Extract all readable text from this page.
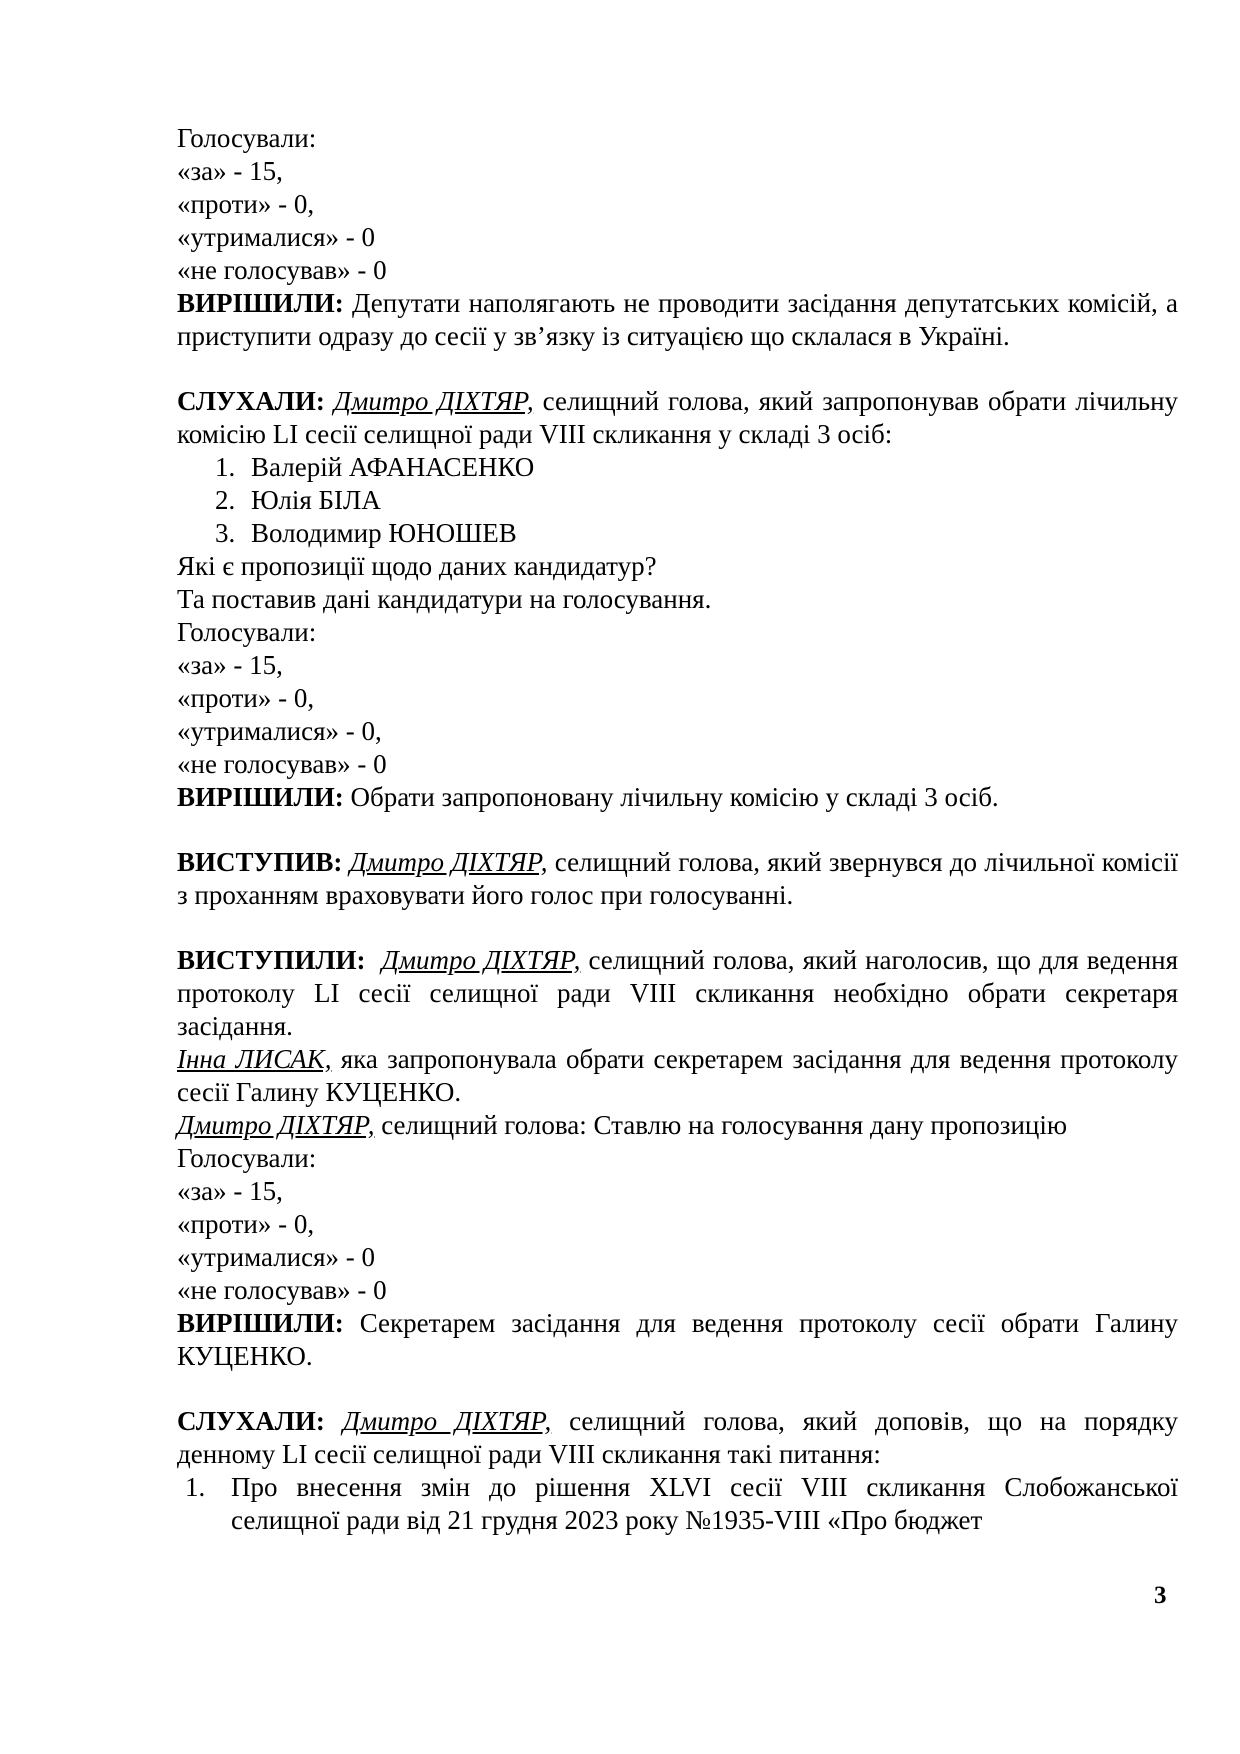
Голосували:
«за» - 15,
«проти» - 0,
«утрималися» - 0
«не голосував» - 0
ВИРІШИЛИ: Депутати наполягають не проводити засідання депутатських комісій, а приступити одразу до сесії у зв’язку із ситуацією що склалася в Україні.
СЛУХАЛИ: Дмитро ДІХТЯР, селищний голова, який запропонував обрати лічильну комісію LI сесії селищної ради VIII скликання у складі 3 осіб:
1. Валерій АФАНАСЕНКО
2. Юлія БІЛА
3. Володимир ЮНОШЕВ
Які є пропозиції щодо даних кандидатур?
Та поставив дані кандидатури на голосування.
Голосували:
«за» - 15,
«проти» - 0,
«утрималися» - 0,
«не голосував» - 0
ВИРІШИЛИ: Обрати запропоновану лічильну комісію у складі 3 осіб.
ВИСТУПИВ: Дмитро ДІХТЯР, селищний голова, який звернувся до лічильної комісії з проханням враховувати його голос при голосуванні.
ВИСТУПИЛИ: Дмитро ДІХТЯР, селищний голова, який наголосив, що для ведення протоколу LI сесії селищної ради VIII скликання необхідно обрати секретаря засідання.
Інна ЛИСАК, яка запропонувала обрати секретарем засідання для ведення протоколу сесії Галину КУЦЕНКО.
Дмитро ДІХТЯР, селищний голова: Ставлю на голосування дану пропозицію
Голосували:
«за» - 15,
«проти» - 0,
«утрималися» - 0
«не голосував» - 0
ВИРІШИЛИ: Секретарем засідання для ведення протоколу сесії обрати Галину КУЦЕНКО.
СЛУХАЛИ: Дмитро ДІХТЯР, селищний голова, який доповів, що на порядку денному LI сесії селищної ради VIII скликання такі питання:
1. Про внесення змін до рішення XLVI сесії VIII скликання Слобожанської селищної ради від 21 грудня 2023 року №1935-VIII «Про бюджет
3
